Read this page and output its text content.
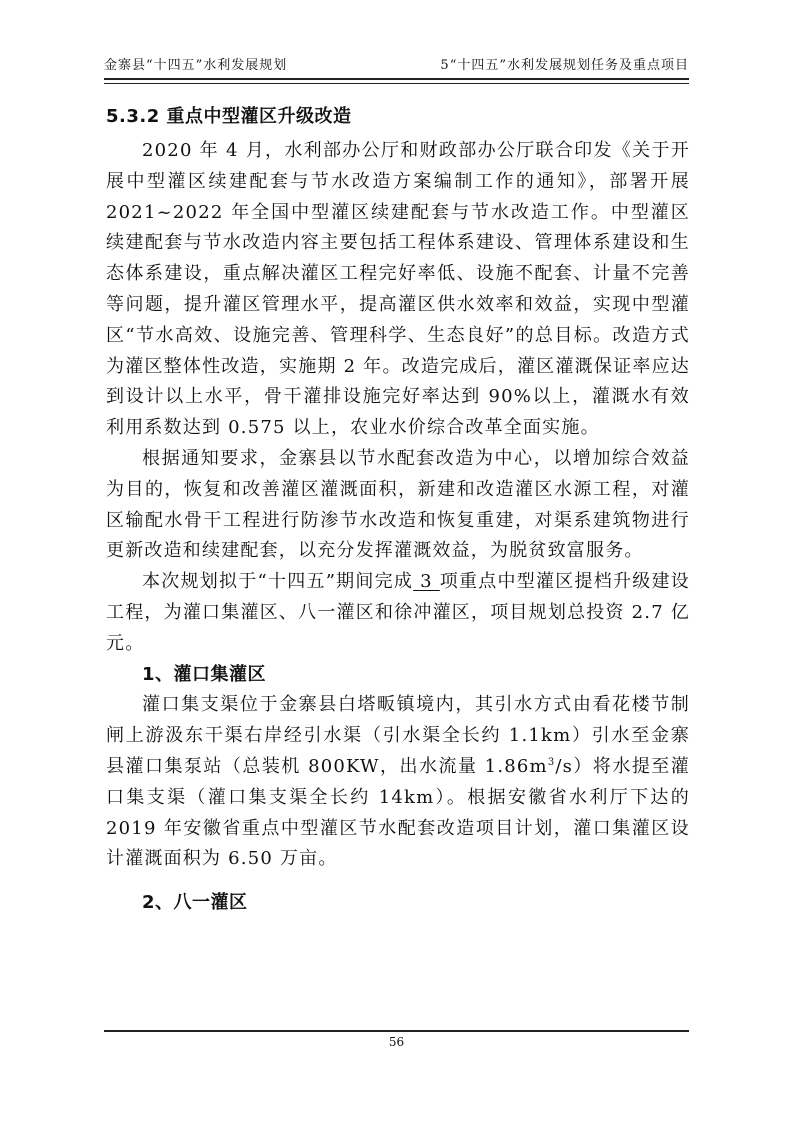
金寨县“十四五”水利发展规划	5“十四五”水利发展规划任务及重点项目
5.3.2 重点中型灌区升级改造

2020 年 4 月，水利部办公厅和财政部办公厅联合印发《关于开展中型灌区续建配套与节水改造方案编制工作的通知》，部署开展 2021~2022 年全国中型灌区续建配套与节水改造工作。中型灌区续建配套与节水改造内容主要包括工程体系建设、管理体系建设和生态体系建设，重点解决灌区工程完好率低、设施不配套、计量不完善等问题，提升灌区管理水平，提高灌区供水效率和效益，实现中型灌区“节水高效、设施完善、管理科学、生态良好”的总目标。改造方式为灌区整体性改造，实施期 2 年。改造完成后，灌区灌溉保证率应达到设计以上水平，骨干灌排设施完好率达到 90%以上，灌溉水有效利用系数达到 0.575 以上，农业水价综合改革全面实施。

根据通知要求，金寨县以节水配套改造为中心，以增加综合效益为目的，恢复和改善灌区灌溉面积，新建和改造灌区水源工程，对灌区输配水骨干工程进行防渗节水改造和恢复重建，对渠系建筑物进行更新改造和续建配套，以充分发挥灌溉效益，为脱贫致富服务。

本次规划拟于“十四五”期间完成 3 项重点中型灌区提档升级建设工程，为灌口集灌区、八一灌区和徐冲灌区，项目规划总投资 2.7 亿元。

1、灌口集灌区

灌口集支渠位于金寨县白塔畈镇境内，其引水方式由看花楼节制闸上游汲东干渠右岸经引水渠（引水渠全长约 1.1km）引水至金寨县灌口集泵站（总装机 800KW，出水流量 $1.86m^3/s$）将水提至灌口集支渠（灌口集支渠全长约 14km）。根据安徽省水利厅下达的 2019 年安徽省重点中型灌区节水配套改造项目计划，灌口集灌区设计灌溉面积为 6.50 万亩。

2、八一灌区
56
